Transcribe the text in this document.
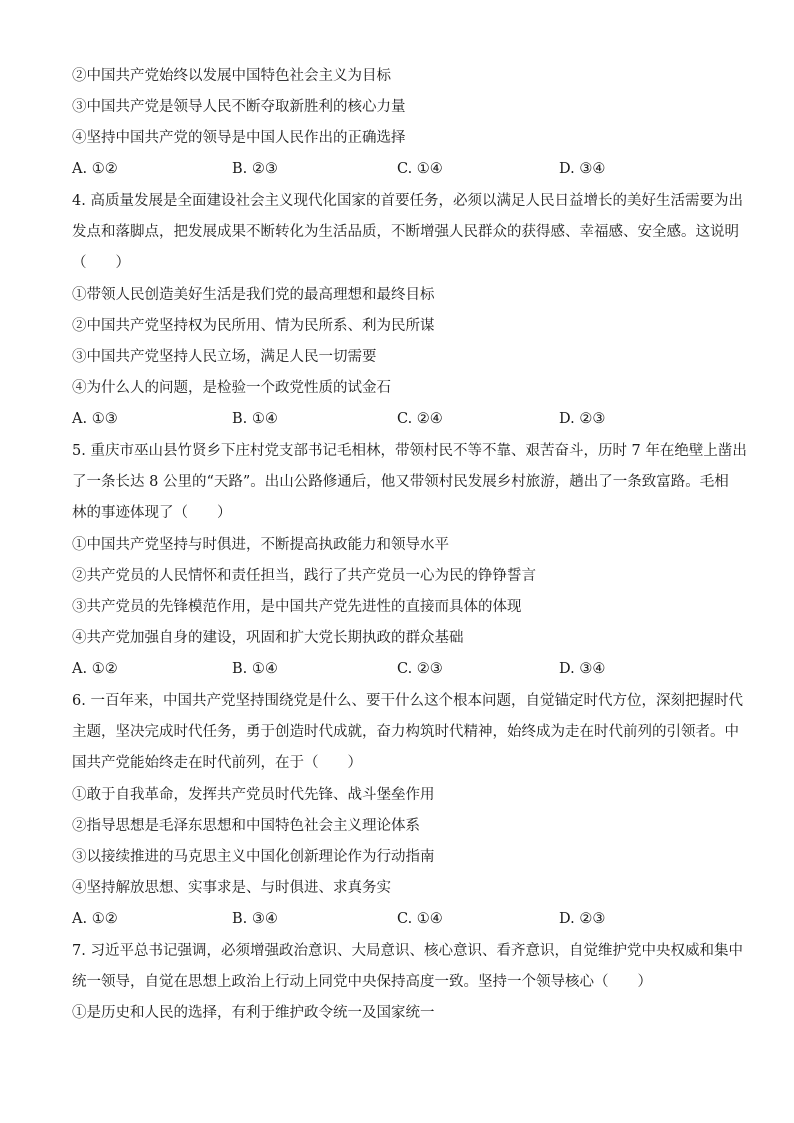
②中国共产党始终以发展中国特色社会主义为目标
③中国共产党是领导人民不断夺取新胜利的核心力量
④坚持中国共产党的领导是中国人民作出的正确选择
A. ①②	B. ②③	C. ①④	D. ③④
4. 高质量发展是全面建设社会主义现代化国家的首要任务，必须以满足人民日益增长的美好生活需要为出
发点和落脚点，把发展成果不断转化为生活品质，不断增强人民群众的获得感、幸福感、安全感。这说明
（　　）
①带领人民创造美好生活是我们党的最高理想和最终目标
②中国共产党坚持权为民所用、情为民所系、利为民所谋
③中国共产党坚持人民立场，满足人民一切需要
④为什么人的问题，是检验一个政党性质的试金石
A. ①③	B. ①④	C. ②④	D. ②③
5. 重庆市巫山县竹贤乡下庄村党支部书记毛相林，带领村民不等不靠、艰苦奋斗，历时 7 年在绝壁上凿出
了一条长达 8 公里的“天路”。出山公路修通后，他又带领村民发展乡村旅游，趟出了一条致富路。毛相
林的事迹体现了（　　）
①中国共产党坚持与时俱进，不断提高执政能力和领导水平
②共产党员的人民情怀和责任担当，践行了共产党员一心为民的铮铮誓言
③共产党员的先锋模范作用，是中国共产党先进性的直接而具体的体现
④共产党加强自身的建设，巩固和扩大党长期执政的群众基础
A. ①②	B. ①④	C. ②③	D. ③④
6. 一百年来，中国共产党坚持围绕党是什么、要干什么这个根本问题，自觉锚定时代方位，深刻把握时代
主题，坚决完成时代任务，勇于创造时代成就，奋力构筑时代精神，始终成为走在时代前列的引领者。中
国共产党能始终走在时代前列，在于（　　）
①敢于自我革命，发挥共产党员时代先锋、战斗堡垒作用
②指导思想是毛泽东思想和中国特色社会主义理论体系
③以接续推进的马克思主义中国化创新理论作为行动指南
④坚持解放思想、实事求是、与时俱进、求真务实
A. ①②	B. ③④	C. ①④	D. ②③
7. 习近平总书记强调，必须增强政治意识、大局意识、核心意识、看齐意识，自觉维护党中央权威和集中
统一领导，自觉在思想上政治上行动上同党中央保持高度一致。坚持一个领导核心（　　）
①是历史和人民的选择，有利于维护政令统一及国家统一
